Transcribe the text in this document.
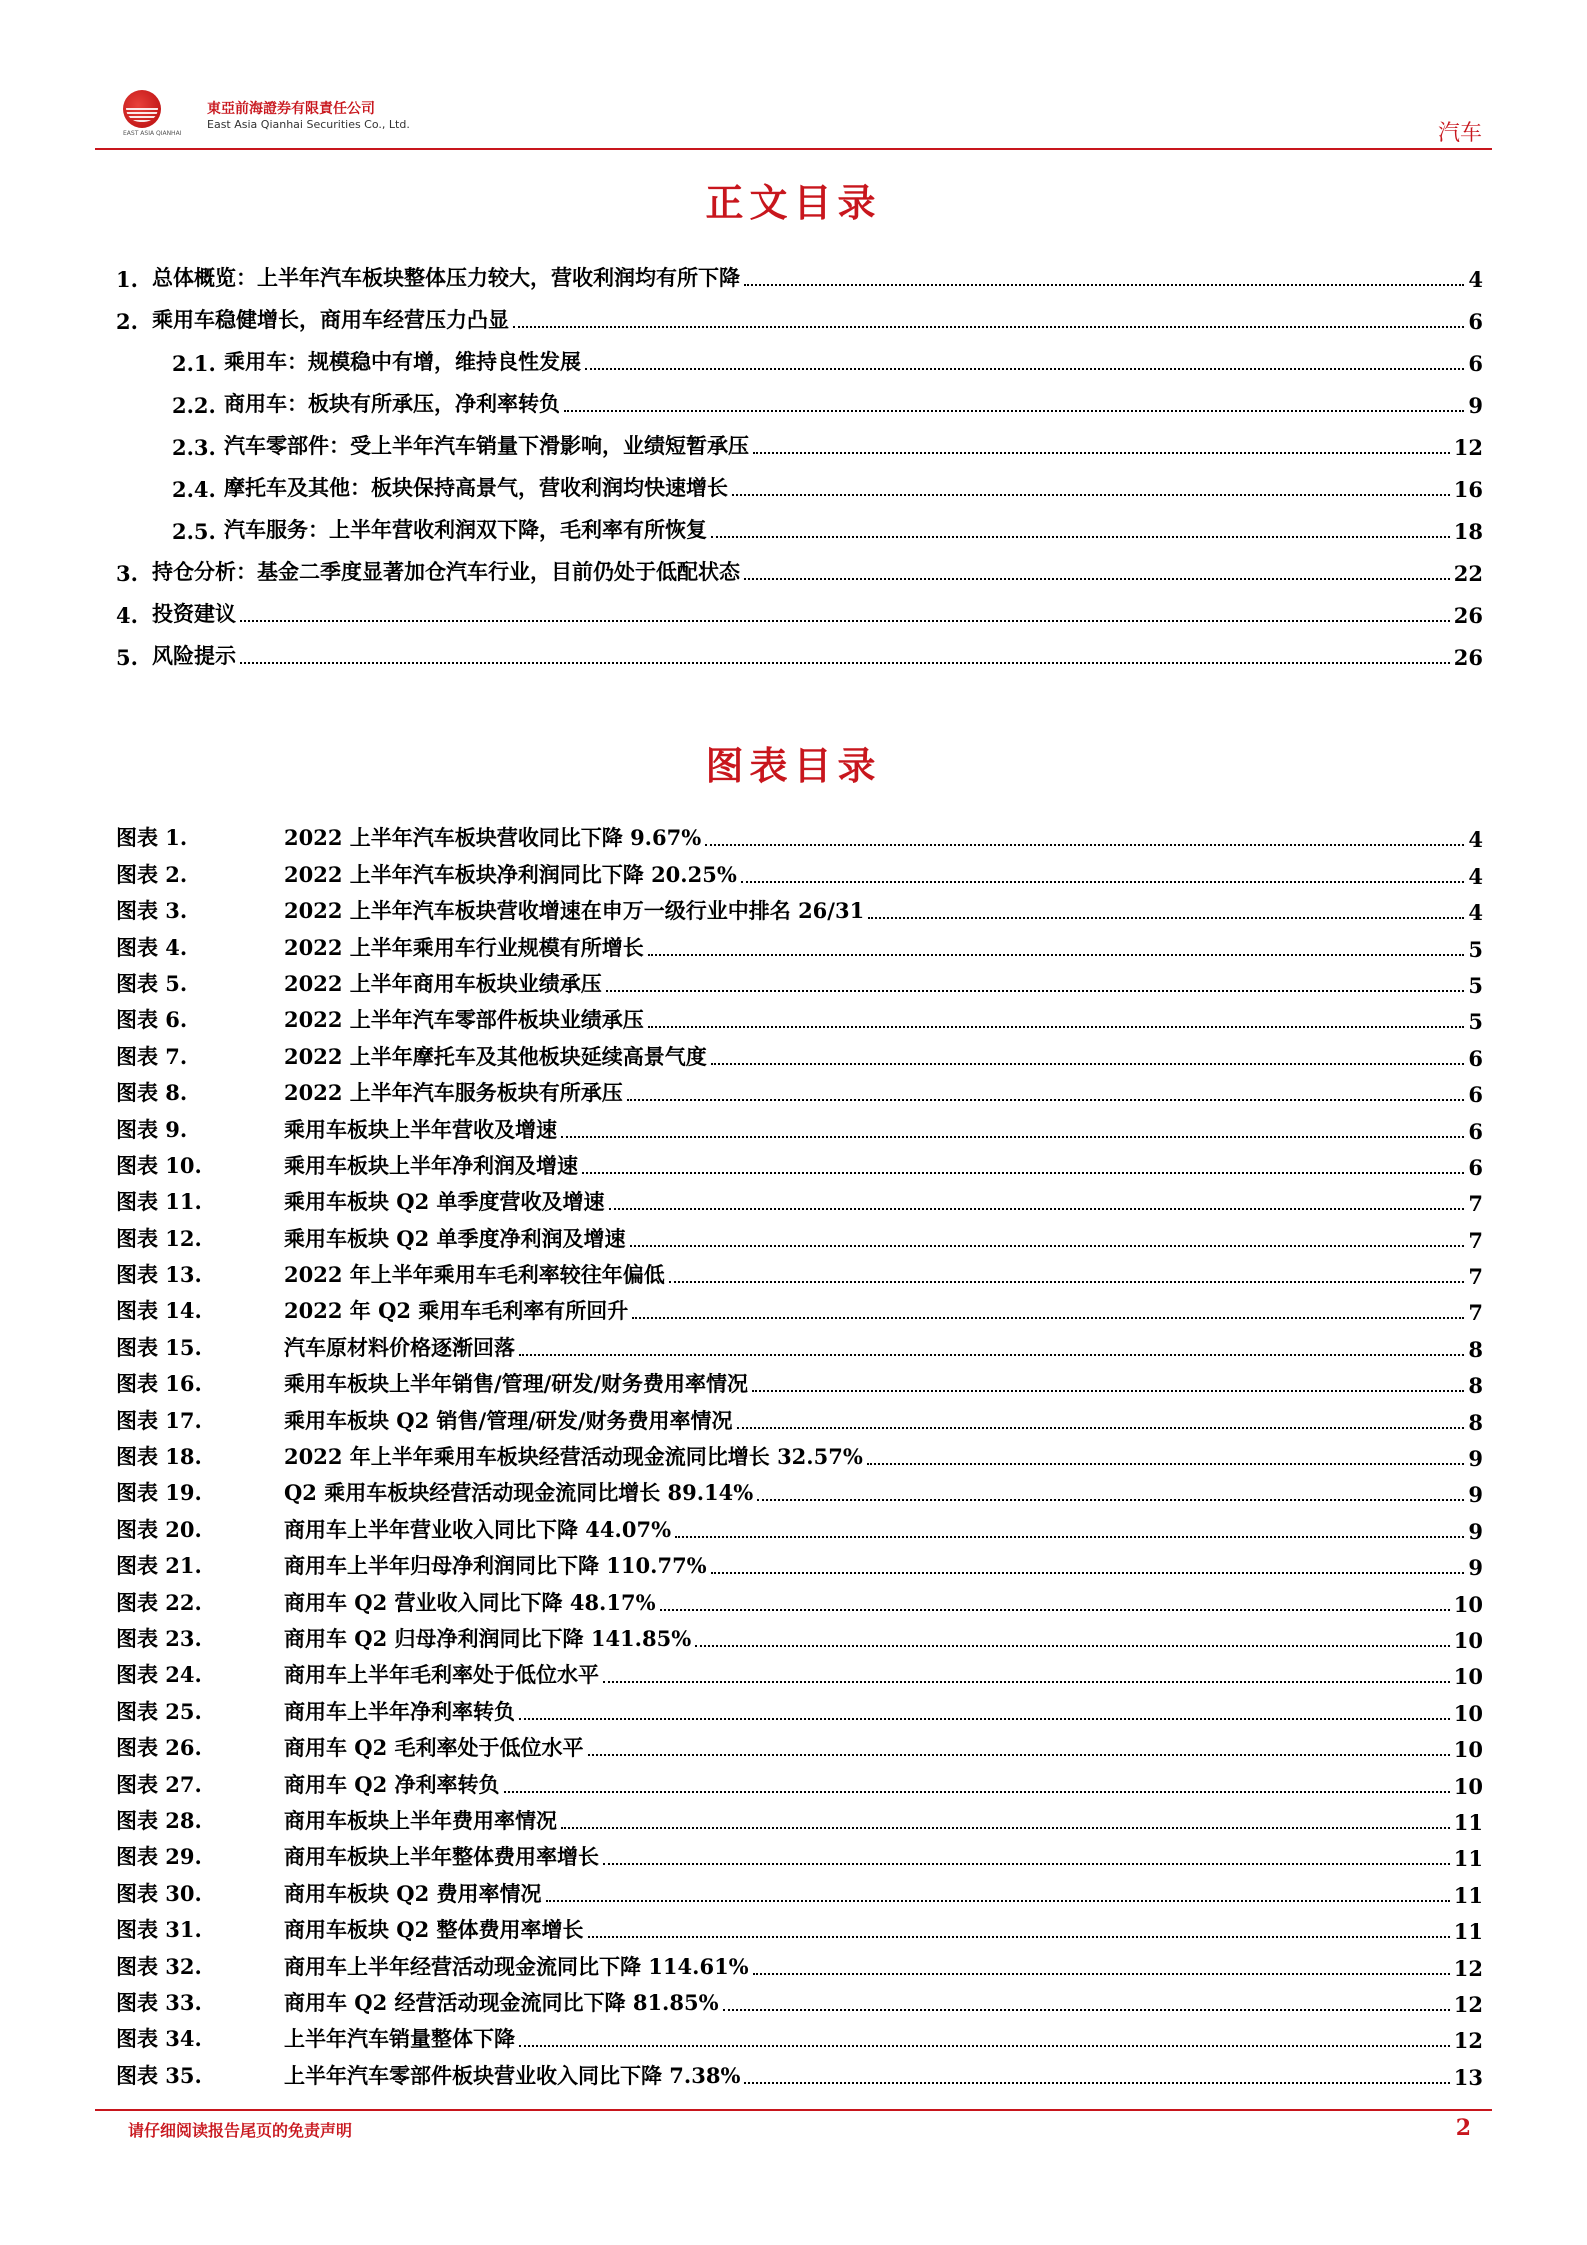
EAST ASIA QIANHAI
東亞前海證券有限責任公司
East Asia Qianhai Securities Co., Ltd.	汽车
正文目录
1. 总体概览：上半年汽车板块整体压力较大，营收利润均有所下降	4
2. 乘用车稳健增长，商用车经营压力凸显	6
2.1. 乘用车：规模稳中有增，维持良性发展	6
2.2. 商用车：板块有所承压，净利率转负	9
2.3. 汽车零部件：受上半年汽车销量下滑影响，业绩短暂承压	12
2.4. 摩托车及其他：板块保持高景气，营收利润均快速增长	16
2.5. 汽车服务：上半年营收利润双下降，毛利率有所恢复	18
3. 持仓分析：基金二季度显著加仓汽车行业，目前仍处于低配状态	22
4. 投资建议	26
5. 风险提示	26
图表目录
图表 1.	2022 上半年汽车板块营收同比下降 9.67%	4
图表 2.	2022 上半年汽车板块净利润同比下降 20.25%	4
图表 3.	2022 上半年汽车板块营收增速在申万一级行业中排名 26/31	4
图表 4.	2022 上半年乘用车行业规模有所增长	5
图表 5.	2022 上半年商用车板块业绩承压	5
图表 6.	2022 上半年汽车零部件板块业绩承压	5
图表 7.	2022 上半年摩托车及其他板块延续高景气度	6
图表 8.	2022 上半年汽车服务板块有所承压	6
图表 9.	乘用车板块上半年营收及增速	6
图表 10.	乘用车板块上半年净利润及增速	6
图表 11.	乘用车板块 Q2 单季度营收及增速	7
图表 12.	乘用车板块 Q2 单季度净利润及增速	7
图表 13.	2022 年上半年乘用车毛利率较往年偏低	7
图表 14.	2022 年 Q2 乘用车毛利率有所回升	7
图表 15.	汽车原材料价格逐渐回落	8
图表 16.	乘用车板块上半年销售/管理/研发/财务费用率情况	8
图表 17.	乘用车板块 Q2 销售/管理/研发/财务费用率情况	8
图表 18.	2022 年上半年乘用车板块经营活动现金流同比增长 32.57%	9
图表 19.	Q2 乘用车板块经营活动现金流同比增长 89.14%	9
图表 20.	商用车上半年营业收入同比下降 44.07%	9
图表 21.	商用车上半年归母净利润同比下降 110.77%	9
图表 22.	商用车 Q2 营业收入同比下降 48.17%	10
图表 23.	商用车 Q2 归母净利润同比下降 141.85%	10
图表 24.	商用车上半年毛利率处于低位水平	10
图表 25.	商用车上半年净利率转负	10
图表 26.	商用车 Q2 毛利率处于低位水平	10
图表 27.	商用车 Q2 净利率转负	10
图表 28.	商用车板块上半年费用率情况	11
图表 29.	商用车板块上半年整体费用率增长	11
图表 30.	商用车板块 Q2 费用率情况	11
图表 31.	商用车板块 Q2 整体费用率增长	11
图表 32.	商用车上半年经营活动现金流同比下降 114.61%	12
图表 33.	商用车 Q2 经营活动现金流同比下降 81.85%	12
图表 34.	上半年汽车销量整体下降	12
图表 35.	上半年汽车零部件板块营业收入同比下降 7.38%	13
请仔细阅读报告尾页的免责声明	2
